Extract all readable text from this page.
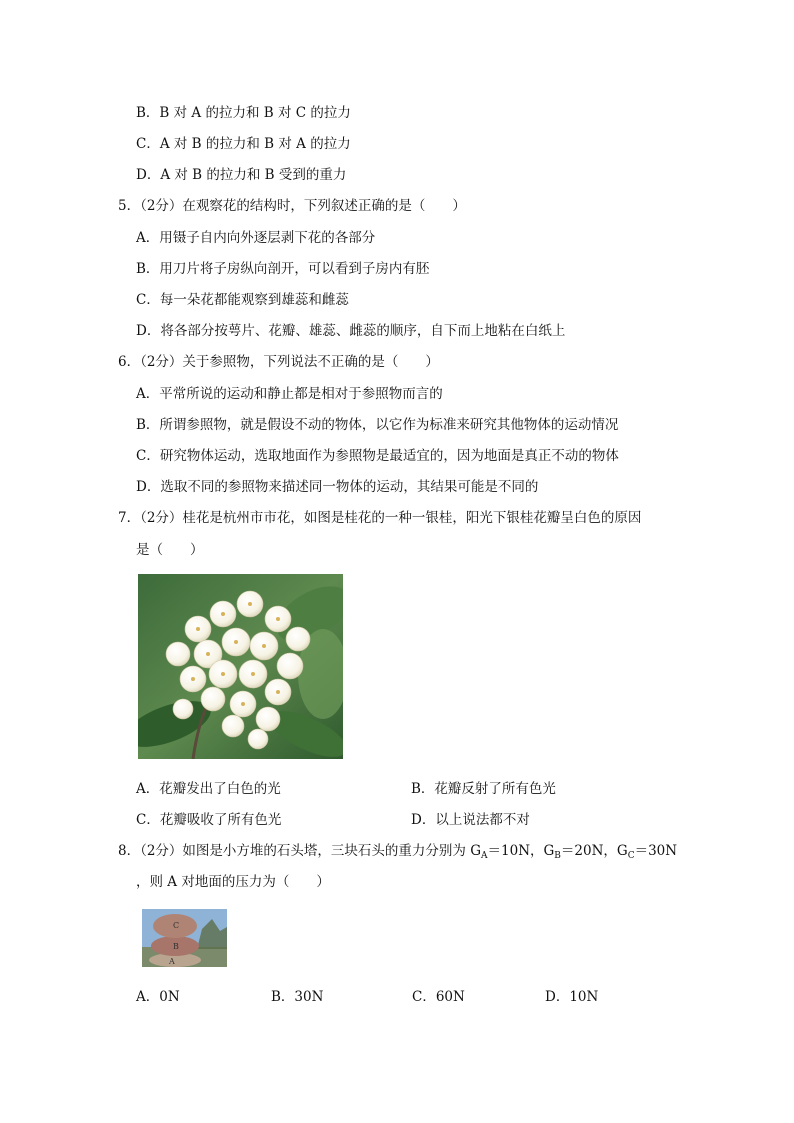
B．B 对 A 的拉力和 B 对 C 的拉力
C．A 对 B 的拉力和 B 对 A 的拉力
D．A 对 B 的拉力和 B 受到的重力
5．（2分）在观察花的结构时，下列叙述正确的是（　　）
A．用镊子自内向外逐层剥下花的各部分
B．用刀片将子房纵向剖开，可以看到子房内有胚
C．每一朵花都能观察到雄蕊和雌蕊
D．将各部分按萼片、花瓣、雄蕊、雌蕊的顺序，自下而上地粘在白纸上
6．（2分）关于参照物，下列说法不正确的是（　　）
A．平常所说的运动和静止都是相对于参照物而言的
B．所谓参照物，就是假设不动的物体，以它作为标准来研究其他物体的运动情况
C．研究物体运动，选取地面作为参照物是最适宜的，因为地面是真正不动的物体
D．选取不同的参照物来描述同一物体的运动，其结果可能是不同的
7．（2分）桂花是杭州市市花，如图是桂花的一种一银桂，阳光下银桂花瓣呈白色的原因
是（　　）
A．花瓣发出了白色的光	B．花瓣反射了所有色光
C．花瓣吸收了所有色光	D．以上说法都不对
8．（2分）如图是小方堆的石头塔，三块石头的重力分别为 $G_A=10N$，$G_B=20N$，$G_C=30N$
，则 A 对地面的压力为（　　）
C
B
A
A．0N	B．30N	C．60N	D．10N
